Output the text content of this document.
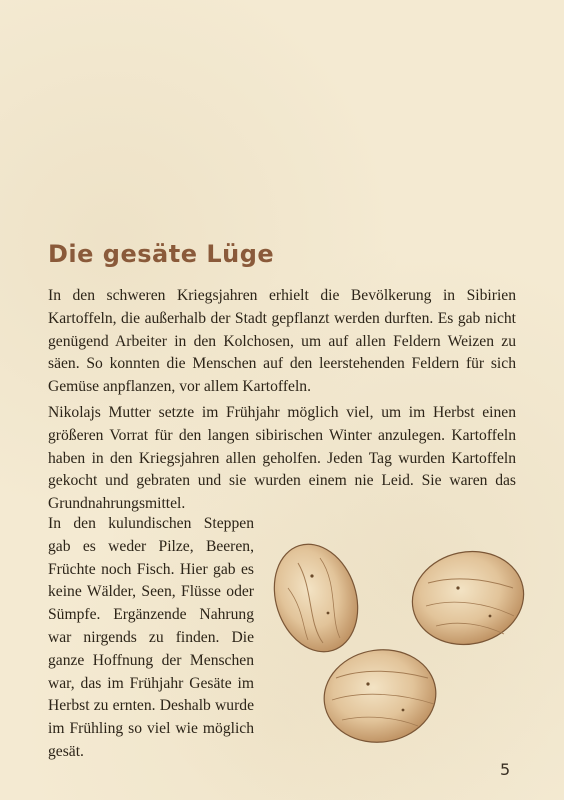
Die gesäte Lüge

In den schweren Kriegsjahren erhielt die Bevölkerung in Sibirien Kartoffeln, die außerhalb der Stadt gepflanzt werden durften. Es gab nicht genügend Arbeiter in den Kolchosen, um auf allen Feldern Weizen zu säen. So konnten die Menschen auf den leerstehenden Feldern für sich Gemüse anpflanzen, vor allem Kartoffeln.

Nikolajs Mutter setzte im Frühjahr möglich viel, um im Herbst einen größeren Vorrat für den langen sibirischen Winter anzulegen. Kartoffeln haben in den Kriegsjahren allen geholfen. Jeden Tag wurden Kartoffeln gekocht und gebraten und sie wurden einem nie Leid. Sie waren das Grundnahrungsmittel.

In den kulundischen Steppen gab es weder Pilze, Beeren, Früchte noch Fisch. Hier gab es keine Wälder, Seen, Flüsse oder Sümpfe. Ergänzende Nahrung war nirgends zu finden. Die ganze Hoffnung der Menschen war, das im Frühjahr Gesäte im Herbst zu ernten. Deshalb wurde im Frühling so viel wie möglich gesät.

5
